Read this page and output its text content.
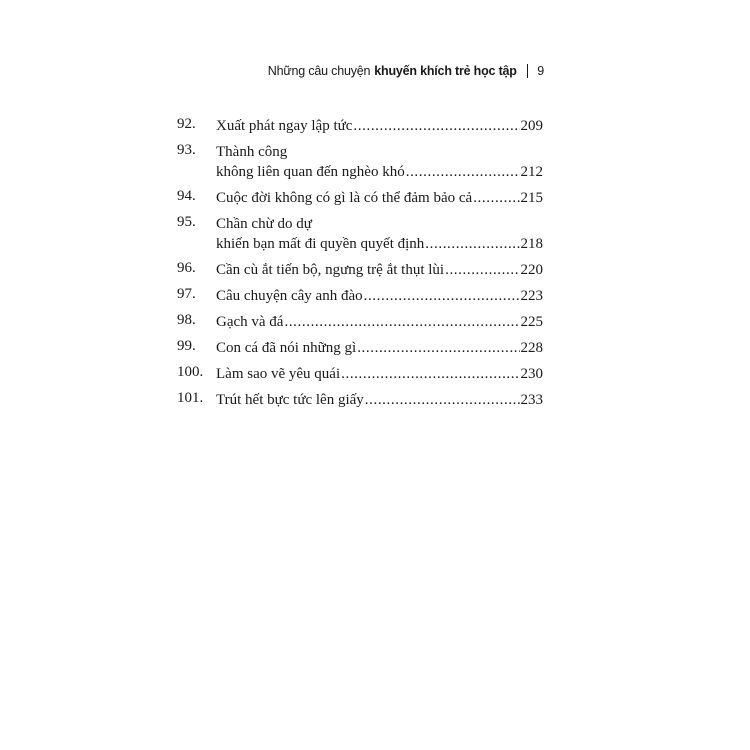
Những câu chuyện khuyến khích trẻ học tập 9
92.	Xuất phát ngay lập tức .....	209
93.	Thành công
không liên quan đến nghèo khó .....	212
94.	Cuộc đời không có gì là có thể đảm bảo cả .....	215
95.	Chần chừ do dự
khiến bạn mất đi quyền quyết định .....	218
96.	Cần cù ắt tiến bộ, ngưng trệ ắt thụt lùi .....	220
97.	Câu chuyện cây anh đào .....	223
98.	Gạch và đá .....	225
99.	Con cá đã nói những gì .....	228
100. Làm sao vẽ yêu quái .....	230
101. Trút hết bực tức lên giấy .....	233
